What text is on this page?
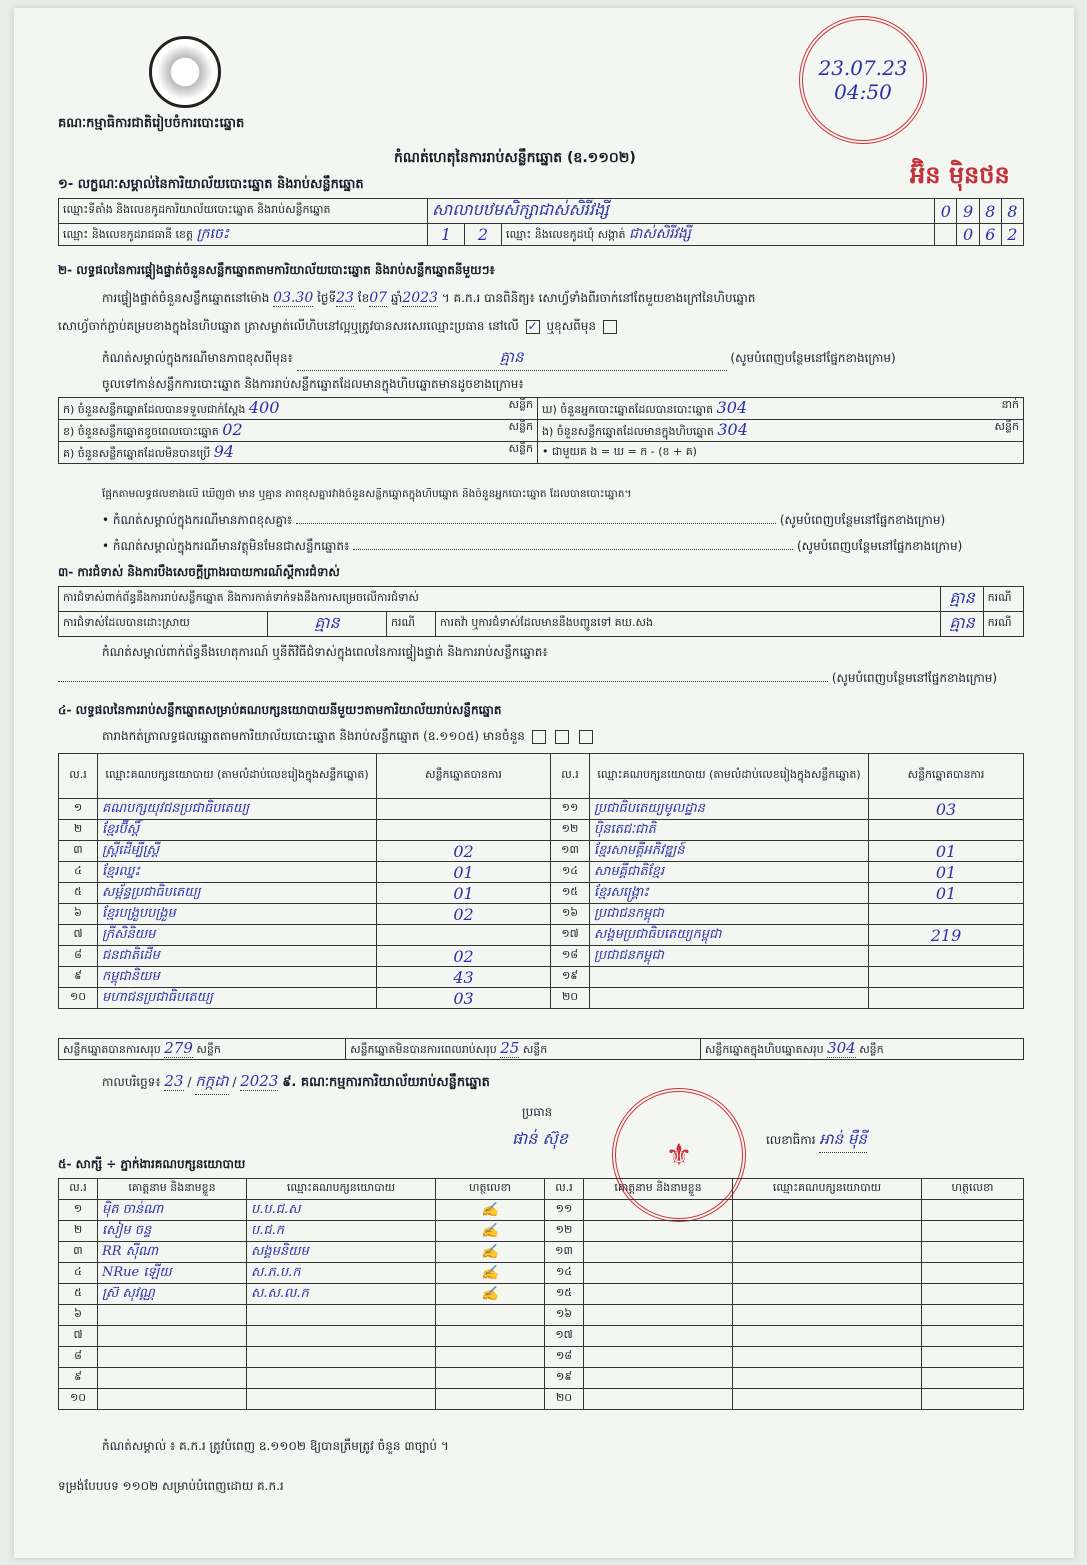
គណៈកម្មាធិការជាតិរៀបចំការបោះឆ្នោត
23.07.23
04:50
អ៊ិន ម៉ិនថន
កំណត់ហេតុនៃការរាប់សន្លឹកឆ្នោត (ឧ.១១០២)
១- លក្ខណៈសម្គាល់នៃការិយាល័យបោះឆ្នោត និងរាប់សន្លឹកឆ្នោត
ឈ្មោះទីតាំង និងលេខកូដការិយាល័យបោះឆ្នោត និងរាប់សន្លឹកឆ្នោត	សាលាបឋមសិក្សាជាស់សិរីវង្សី			0	9	8	8
ឈ្មោះ និងលេខកូដរាជធានី ខេត្ត ក្រចេះ	1	2	ឈ្មោះ និងលេខកូដឃុំ សង្កាត់ ជាស់សិរីវង្សី		0	6	2
២- លទ្ធផលនៃការផ្ទៀងផ្ទាត់ចំនួនសន្លឹកឆ្នោតតាមការិយាល័យបោះឆ្នោត និងរាប់សន្លឹកឆ្នោតនីមួយៗ៖
ការផ្ទៀងផ្ទាត់ចំនួនសន្លឹកឆ្នោតនៅម៉ោង 03.30 ថ្ងៃទី23 ខែ07 ឆ្នាំ2023 ។ គ.ក.រ បានពិនិត្យ៖ សោហ្វ័ទាំងពីរចាក់នៅតែមួយខាងក្រៅនៃហិបឆ្នោត
សោហ្វ័ចាក់ភ្ជាប់គម្របខាងក្នុងនៃហិបឆ្នោត ត្រាសម្ងាត់លើហិបនៅល្អឬត្រូវបានសរសេរឈ្មោះប្រធាន នៅលើ ✓ ឬខុសពីមុន
កំណត់សម្គាល់ក្នុងករណីមានភាពខុសពីមុន៖	គ្មាន	(សូមបំពេញបន្ថែមនៅផ្នែកខាងក្រោម)
ចូលទៅកាន់សន្លឹកការបោះឆ្នោត និងការរាប់សន្លឹកឆ្នោតដែលមានក្នុងហិបឆ្នោតមានដូចខាងក្រោម៖
ក) ចំនួនសន្លឹកឆ្នោតដែលបានទទួលជាក់ស្តែង 400 សន្លឹក	ឃ) ចំនួនអ្នកបោះឆ្នោតដែលបានបោះឆ្នោត 304 នាក់

ខ) ចំនួនសន្លឹកឆ្នោតខូចពេលបោះឆ្នោត 02 សន្លឹក	ង) ចំនួនសន្លឹកឆ្នោតដែលមានក្នុងហិបឆ្នោត 304 សន្លឹក

គ) ចំនួនសន្លឹកឆ្នោតដែលមិនបានប្រើ 94 សន្លឹក	• ជាមួយគ ង = ឃ = ក - (ខ + គ)
ផ្អែកតាមលទ្ធផលខាងលើ ឃើញថា មាន ឬគ្មាន ភាពខុសគ្នារវាងចំនួនសន្លឹកឆ្នោតក្នុងហិបឆ្នោត និងចំនួនអ្នកបោះឆ្នោត ដែលបានបោះឆ្នោត។
• កំណត់សម្គាល់ក្នុងករណីមានភាពខុសគ្នា៖	(សូមបំពេញបន្ថែមនៅផ្នែកខាងក្រោម)
• កំណត់សម្គាល់ក្នុងករណីមានវត្ថុមិនមែនជាសន្លឹកឆ្នោត៖	(សូមបំពេញបន្ថែមនៅផ្នែកខាងក្រោម)
៣- ការជំទាស់ និងការបឹងសេចក្តីព្រាងរបាយការណ៍ស្តីការជំទាស់
ការជំទាស់ពាក់ព័ន្ធនឹងការរាប់សន្លឹកឆ្នោត និងការកាត់ទាក់ទងនឹងការសម្រេចលើការជំទាស់				គ្មាន	ករណី
ការជំទាស់ដែលបានដោះស្រាយ	គ្មាន	ករណី	ការតវ៉ា ឬការជំទាស់ដែលមាននឹងបញ្ជូនទៅ គឃ.សង	គ្មាន	ករណី
កំណត់សម្គាល់ពាក់ព័ន្ធនឹងហេតុការណ៍ ឬនីតិវិធីជំទាស់ក្នុងពេលនៃការផ្ទៀងផ្ទាត់ និងការរាប់សន្លឹកឆ្នោត៖
(សូមបំពេញបន្ថែមនៅផ្នែកខាងក្រោម)
៤- លទ្ធផលនៃការរាប់សន្លឹកឆ្នោតសម្រាប់គណបក្សនយោបាយនីមួយៗតាមការិយាល័យរាប់សន្លឹកឆ្នោត
តារាងកត់ត្រាលទ្ធផលឆ្នោតតាមការិយាល័យបោះឆ្នោត និងរាប់សន្លឹកឆ្នោត (ឧ.១១០៥) មានចំនួន
ល.រ	ឈ្មោះគណបក្សនយោបាយ (តាមលំដាប់លេខរៀងក្នុងសន្លឹកឆ្នោត)	សន្លឹកឆ្នោតបានការ	ល.រ	ឈ្មោះគណបក្សនយោបាយ (តាមលំដាប់លេខរៀងក្នុងសន្លឹកឆ្នោត)	សន្លឹកឆ្នោតបានការ
១	គណបក្សយុវជនប្រជាធិបតេយ្យ		១១	ប្រជាធិបតេយ្យមូលដ្ឋាន	03
២	ខ្មែរប៊ីស្តិ៍		១២	ប៉ិនតេជៈជាតិ	
៣	ស្ត្រីដើម្បីស្ត្រី	02	១៣	ខ្មែរសាមគ្គីអភិវឌ្ឍន៍	01
៤	ខ្មែរឈ្នះ	01	១៤	សាមគ្គីជាតិខ្មែរ	01
៥	សម្ព័ន្ធប្រជាធិបតេយ្យ	01	១៥	ខ្មែរសង្គ្រោះ	01
៦	ខ្មែរបង្រួបបង្រួម	02	១៦	ប្រជាជនកម្ពុជា	
៧	ក្រីសិនិយម		១៧	សង្គមប្រជាធិបតេយ្យកម្ពុជា	219
៨	ជនជាតិដើម	02	១៨	ប្រជាជនកម្ពុជា	
៩	កម្ពុជានិយម	43	១៩		
១០	មហាជនប្រជាធិបតេយ្យ	03	២០		
សន្លឹកឆ្នោតបានការសរុប 279 សន្លឹក	សន្លឹកឆ្នោតមិនបានការពេលរាប់សរុប 25 សន្លឹក	សន្លឹកឆ្នោតក្នុងហិបឆ្នោតសរុប 304 សន្លឹក
កាលបរិច្ឆេទ៖ 23 / កក្កដា / 2023 ៩. គណៈកម្មការការិយាល័យរាប់សន្លឹកឆ្នោត
ប្រធាន
ផាន់ ស៊ុខ	⚜	លេខាធិការ អាន់ ម៉ឺនី
៥- សាក្សី ÷ ភ្នាក់ងារគណបក្សនយោបាយ
ល.រ	គោត្តនាម និងនាមខ្លួន	ឈ្មោះគណបក្សនយោបាយ	ហត្ថលេខា	ល.រ	គោត្តនាម និងនាមខ្លួន	ឈ្មោះគណបក្សនយោបាយ	ហត្ថលេខា
១	ម៉ិត ចាន់ណា	ប.ប.ជ.ស	✍	១១			
២	សៀម ចន្ទ	ប.ជ.ក	✍	១២			
៣	RR ស៊ីណា	សង្គមនិយម	✍	១៣			
៤	NRue ឡើយ	ស.ភ.ប.ក	✍	១៤			
៥	ស្រ៊ សុវណ្ណ	ស.ស.ល.ក	✍	១៥			
៦				១៦			
៧				១៧			
៨				១៨			
៩				១៩			
១០				២០			
កំណត់សម្គាល់ ៖ គ.ក.រ ត្រូវបំពេញ ឧ.១១០២ ឱ្យបានត្រឹមត្រូវ ចំនួន ៣ច្បាប់ ។
ទម្រង់បែបបទ ១១០២ សម្រាប់បំពេញដោយ គ.ក.រ
